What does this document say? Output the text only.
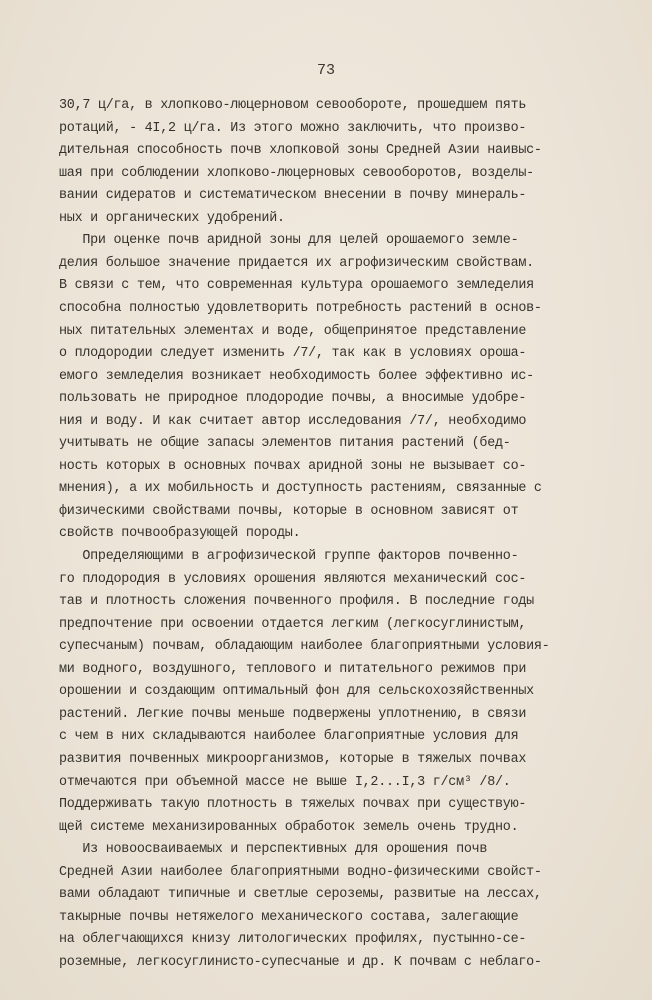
73
30,7 ц/га, в хлопково-люцерновом севообороте, прошедшем пять
ротаций, - 4I,2 ц/га. Из этого можно заключить, что произво-
дительная способность почв хлопковой зоны Средней Азии наивыс-
шая при соблюдении хлопково-люцерновых севооборотов, возделы-
вании сидератов и систематическом внесении в почву минераль-
ных и органических удобрений.
При оценке почв аридной зоны для целей орошаемого земле-
делия большое значение придается их агрофизическим свойствам.
В связи с тем, что современная культура орошаемого земледелия
способна полностью удовлетворить потребность растений в основ-
ных питательных элементах и воде, общепринятое представление
о плодородии следует изменить /7/, так как в условиях ороша-
емого земледелия возникает необходимость более эффективно ис-
пользовать не природное плодородие почвы, а вносимые удобре-
ния и воду. И как считает автор исследования /7/, необходимо
учитывать не общие запасы элементов питания растений (бед-
ность которых в основных почвах аридной зоны не вызывает со-
мнения), а их мобильность и доступность растениям, связанные с
физическими свойствами почвы, которые в основном зависят от
свойств почвообразующей породы.
Определяющими в агрофизической группе факторов почвенно-
го плодородия в условиях орошения являются механический сос-
тав и плотность сложения почвенного профиля. В последние годы
предпочтение при освоении отдается легким (легкосуглинистым,
супесчаным) почвам, обладающим наиболее благоприятными условия-
ми водного, воздушного, теплового и питательного режимов при
орошении и создающим оптимальный фон для сельскохозяйственных
растений. Легкие почвы меньше подвержены уплотнению, в связи
с чем в них складываются наиболее благоприятные условия для
развития почвенных микроорганизмов, которые в тяжелых почвах
отмечаются при объемной массе не выше I,2...I,3 г/см³ /8/.
Поддерживать такую плотность в тяжелых почвах при существую-
щей системе механизированных обработок земель очень трудно.
Из новоосваиваемых и перспективных для орошения почв
Средней Азии наиболее благоприятными водно-физическими свойст-
вами обладают типичные и светлые сероземы, развитые на лессах,
такырные почвы нетяжелого механического состава, залегающие
на облегчающихся книзу литологических профилях, пустынно-се-
роземные, легкосуглинисто-супесчаные и др. К почвам с неблаго-
